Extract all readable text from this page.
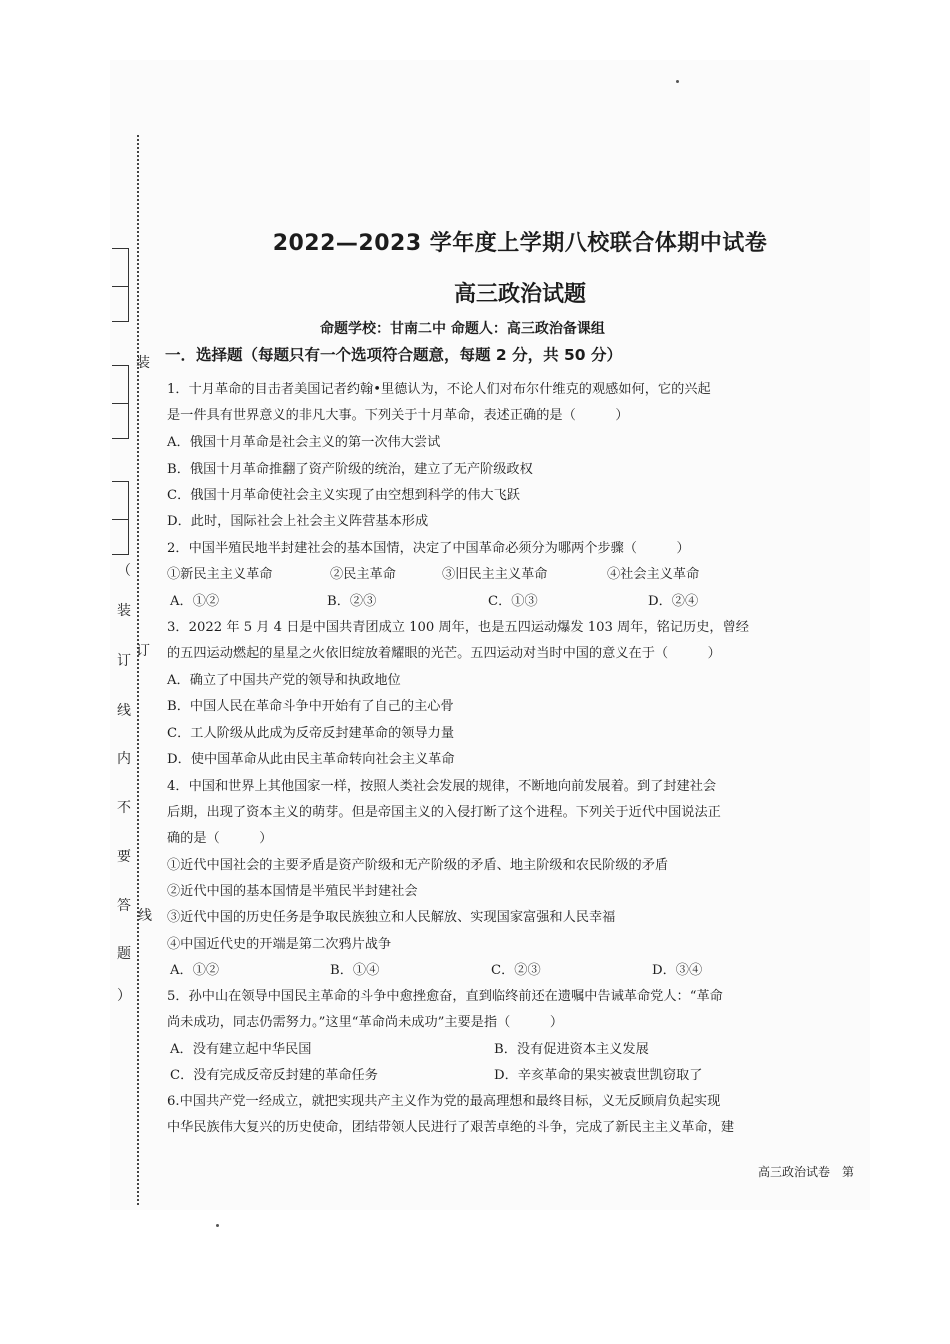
装
订
线
（
装
订
线
内
不
要
答
题
）
2022—2023 学年度上学期八校联合体期中试卷
高三政治试题
命题学校：甘南二中 命题人：高三政治备课组
一．选择题（每题只有一个选项符合题意，每题 2 分，共 50 分）
1．十月革命的目击者美国记者约翰•里德认为，不论人们对布尔什维克的观感如何，它的兴起
是一件具有世界意义的非凡大事。下列关于十月革命，表述正确的是（　　　）
A．俄国十月革命是社会主义的第一次伟大尝试
B．俄国十月革命推翻了资产阶级的统治，建立了无产阶级政权
C．俄国十月革命使社会主义实现了由空想到科学的伟大飞跃
D．此时，国际社会上社会主义阵营基本形成
2．中国半殖民地半封建社会的基本国情，决定了中国革命必须分为哪两个步骤（　　　）
①新民主主义革命	②民主革命	③旧民主主义革命	④社会主义革命
A．①②	B．②③	C．①③	D．②④
3．2022 年 5 月 4 日是中国共青团成立 100 周年，也是五四运动爆发 103 周年，铭记历史，曾经
的五四运动燃起的星星之火依旧绽放着耀眼的光芒。五四运动对当时中国的意义在于（　　　）
A．确立了中国共产党的领导和执政地位
B．中国人民在革命斗争中开始有了自己的主心骨
C．工人阶级从此成为反帝反封建革命的领导力量
D．使中国革命从此由民主革命转向社会主义革命
4．中国和世界上其他国家一样，按照人类社会发展的规律，不断地向前发展着。到了封建社会
后期，出现了资本主义的萌芽。但是帝国主义的入侵打断了这个进程。下列关于近代中国说法正
确的是（　　　）
①近代中国社会的主要矛盾是资产阶级和无产阶级的矛盾、地主阶级和农民阶级的矛盾
②近代中国的基本国情是半殖民半封建社会
③近代中国的历史任务是争取民族独立和人民解放、实现国家富强和人民幸福
④中国近代史的开端是第二次鸦片战争
A．①②	B．①④	C．②③	D．③④
5．孙中山在领导中国民主革命的斗争中愈挫愈奋，直到临终前还在遗嘱中告诫革命党人：“革命
尚未成功，同志仍需努力。”这里“革命尚未成功”主要是指（　　　）
A．没有建立起中华民国	B．没有促进资本主义发展
C．没有完成反帝反封建的革命任务	D．辛亥革命的果实被袁世凯窃取了
6.中国共产党一经成立，就把实现共产主义作为党的最高理想和最终目标，义无反顾肩负起实现
中华民族伟大复兴的历史使命，团结带领人民进行了艰苦卓绝的斗争，完成了新民主主义革命，建
高三政治试卷　第
